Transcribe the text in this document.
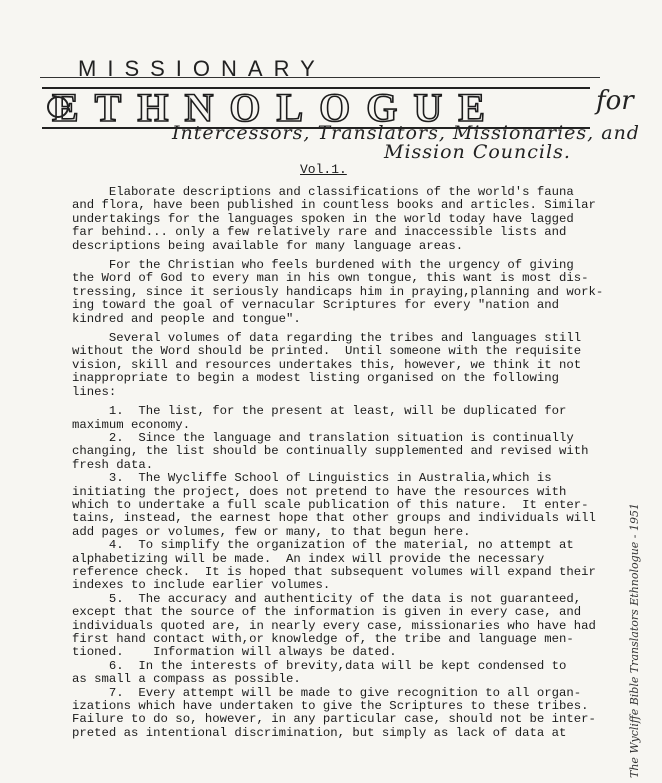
MISSIONARY
ETHNOLOGUE	for
Intercessors, Translators, Missionaries, and
Mission Councils.
Vol.1.

Elaborate descriptions and classifications of the world's fauna
and flora, have been published in countless books and articles. Similar
undertakings for the languages spoken in the world today have lagged
far behind... only a few relatively rare and inaccessible lists and
descriptions being available for many language areas.

For the Christian who feels burdened with the urgency of giving
the Word of God to every man in his own tongue, this want is most dis-
tressing, since it seriously handicaps him in praying,planning and work-
ing toward the goal of vernacular Scriptures for every "nation and
kindred and people and tongue".

Several volumes of data regarding the tribes and languages still
without the Word should be printed.  Until someone with the requisite
vision, skill and resources undertakes this, however, we think it not
inappropriate to begin a modest listing organised on the following
lines:

1.  The list, for the present at least, will be duplicated for
maximum economy.
2.  Since the language and translation situation is continually
changing, the list should be continually supplemented and revised with
fresh data.
3.  The Wycliffe School of Linguistics in Australia,which is
initiating the project, does not pretend to have the resources with
which to undertake a full scale publication of this nature.  It enter-
tains, instead, the earnest hope that other groups and individuals will
add pages or volumes, few or many, to that begun here.
4.  To simplify the organization of the material, no attempt at
alphabetizing will be made.  An index will provide the necessary
reference check.  It is hoped that subsequent volumes will expand their
indexes to include earlier volumes.
5.  The accuracy and authenticity of the data is not guaranteed,
except that the source of the information is given in every case, and
individuals quoted are, in nearly every case, missionaries who have had
first hand contact with,or knowledge of, the tribe and language men-
tioned.    Information will always be dated.
6.  In the interests of brevity,data will be kept condensed to
as small a compass as possible.
7.  Every attempt will be made to give recognition to all organ-
izations which have undertaken to give the Scriptures to these tribes.
Failure to do so, however, in any particular case, should not be inter-
preted as intentional discrimination, but simply as lack of data at	The Wycliffe Bible Translators Ethnologue - 1951
